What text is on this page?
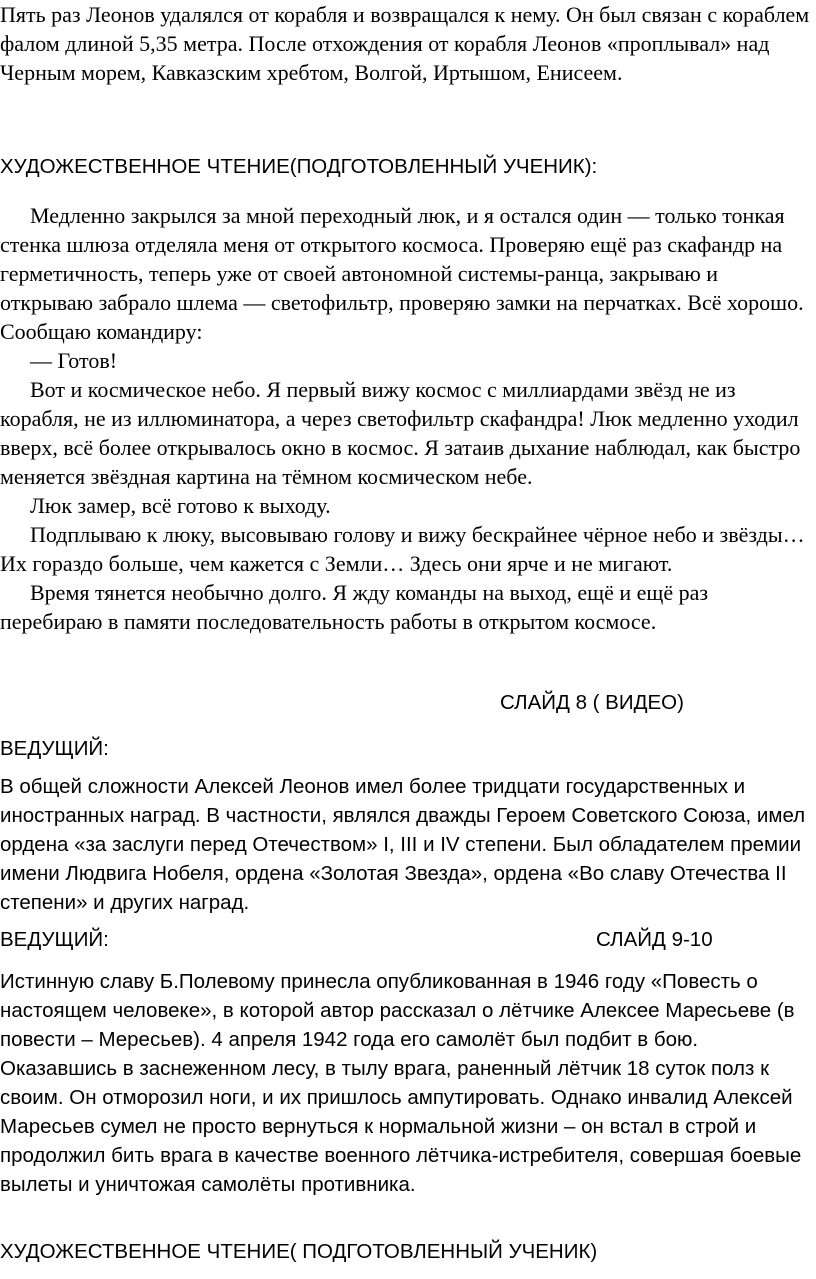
Пять раз Леонов удалялся от корабля и возвращался к нему. Он был связан с кораблем фалом длиной 5,35 метра. После отхождения от корабля Леонов «проплывал» над Черным морем, Кавказским хребтом, Волгой, Иртышом, Енисеем.

ХУДОЖЕСТВЕННОЕ ЧТЕНИЕ(ПОДГОТОВЛЕННЫЙ УЧЕНИК):

Медленно закрылся за мной переходный люк, и я остался один — только тонкая стенка шлюза отделяла меня от открытого космоса. Проверяю ещё раз скафандр на герметичность, теперь уже от своей автономной системы-ранца, закрываю и открываю забрало шлема — светофильтр, проверяю замки на перчатках. Всё хорошо. Сообщаю командиру:

— Готов!

Вот и космическое небо. Я первый вижу космос с миллиардами звёзд не из корабля, не из иллюминатора, а через светофильтр скафандра! Люк медленно уходил вверх, всё более открывалось окно в космос. Я затаив дыхание наблюдал, как быстро меняется звёздная картина на тёмном космическом небе.

Люк замер, всё готово к выходу.

Подплываю к люку, высовываю голову и вижу бескрайнее чёрное небо и звёзды… Их гораздо больше, чем кажется с Земли… Здесь они ярче и не мигают.

Время тянется необычно долго. Я жду команды на выход, ещё и ещё раз перебираю в памяти последовательность работы в открытом космосе.

СЛАЙД 8 ( ВИДЕО)

ВЕДУЩИЙ:

В общей сложности Алексей Леонов имел более тридцати государственных и иностранных наград. В частности, являлся дважды Героем Советского Союза, имел ордена «за заслуги перед Отечеством» I, III и IV степени. Был обладателем премии имени Людвига Нобеля, ордена «Золотая Звезда», ордена «Во славу Отечества II степени» и других наград.

ВЕДУЩИЙ:	СЛАЙД 9-10

Истинную славу Б.Полевому принесла опубликованная в 1946 году «Повесть о настоящем человеке», в которой автор рассказал о лётчике Алексее Маресьеве (в повести – Мересьев). 4 апреля 1942 года его самолёт был подбит в бою. Оказавшись в заснеженном лесу, в тылу врага, раненный лётчик 18 суток полз к своим. Он отморозил ноги, и их пришлось ампутировать. Однако инвалид Алексей Маресьев сумел не просто вернуться к нормальной жизни – он встал в строй и продолжил бить врага в качестве военного лётчика-истребителя, совершая боевые вылеты и уничтожая самолёты противника.

ХУДОЖЕСТВЕННОЕ ЧТЕНИЕ( ПОДГОТОВЛЕННЫЙ УЧЕНИК)
